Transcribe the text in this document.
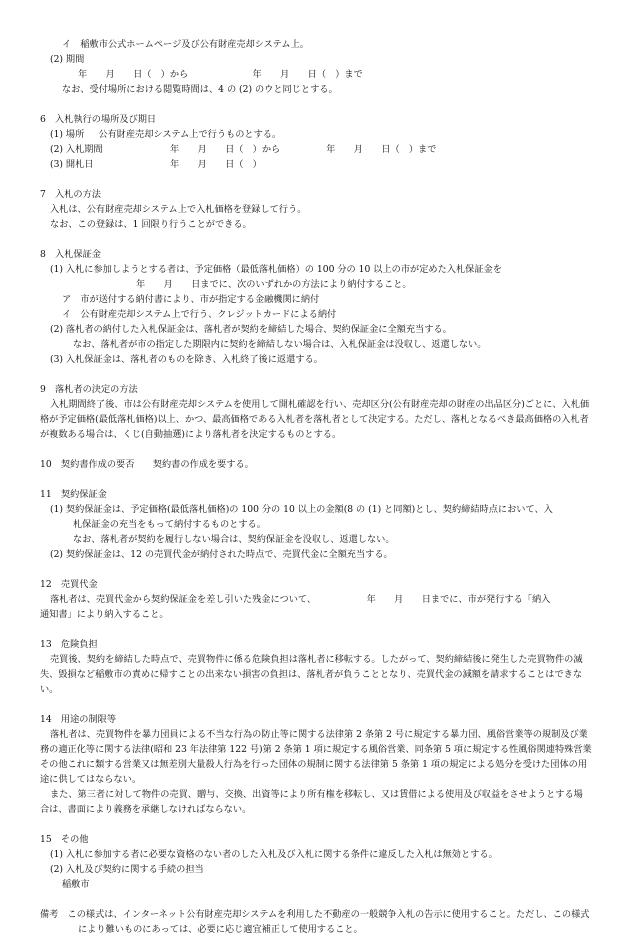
イ　稲敷市公式ホームページ及び公有財産売却システム上。
(2) 期間
年　　月　　日（　）から　　　　　　　年　　月　　日（　）まで
なお、受付場所における閲覧時間は、4 の (2) のウと同じとする。
6　入札執行の場所及び期日
(1) 場所 公有財産売却システム上で行うものとする。
(2) 入札期間	年　　月　　日（　）から　　　　　年　　月　　日（　）まで
(3) 開札日	年　　月　　日（　）
7　入札の方法
入札は、公有財産売却システム上で入札価格を登録して行う。
なお、この登録は、1 回限り行うことができる。
8　入札保証金
(1) 入札に参加しようとする者は、予定価格（最低落札価格）の 100 分の 10 以上の市が定めた入札保証金を
年　　月　　日までに、次のいずれかの方法により納付すること。
ア　市が送付する納付書により、市が指定する金融機関に納付
イ　公有財産売却システム上で行う、クレジットカードによる納付
(2) 落札者の納付した入札保証金は、落札者が契約を締結した場合、契約保証金に全額充当する。
なお、落札者が市の指定した期限内に契約を締結しない場合は、入札保証金は没収し、返還しない。
(3) 入札保証金は、落札者のものを除き、入札終了後に返還する。
9　落札者の決定の方法
入札期間終了後、市は公有財産売却システムを使用して開札確認を行い、売却区分(公有財産売却の財産の出品区分)ごとに、入札価格が予定価格(最低落札価格)以上、かつ、最高価格である入札者を落札者として決定する。ただし、落札となるべき最高価格の入札者が複数ある場合は、くじ(自動抽選)により落札者を決定するものとする。
10　契約書作成の要否　　契約書の作成を要する。
11　契約保証金
(1) 契約保証金は、予定価格(最低落札価格)の 100 分の 10 以上の金額(8 の (1) と同額)とし、契約締結時点において、入
札保証金の充当をもって納付するものとする。
なお、落札者が契約を履行しない場合は、契約保証金を没収し、返還しない。
(2) 契約保証金は、12 の売買代金が納付された時点で、売買代金に全額充当する。
12　売買代金
落札者は、売買代金から契約保証金を差し引いた残金について、　　　　　　年　　月　　日までに、市が発行する「納入
通知書」により納入すること。
13　危険負担
売買後、契約を締結した時点で、売買物件に係る危険負担は落札者に移転する。したがって、契約締結後に発生した売買物件の滅失、毀損など稲敷市の責めに帰すことの出来ない損害の負担は、落札者が負うこととなり、売買代金の減額を請求することはできない。
14　用途の制限等
落札者は、売買物件を暴力団員による不当な行為の防止等に関する法律第 2 条第 2 号に規定する暴力団、風俗営業等の規制及び業務の適正化等に関する法律(昭和 23 年法律第 122 号)第 2 条第 1 項に規定する風俗営業、同条第 5 項に規定する性風俗関連特殊営業その他これに類する営業又は無差別大量殺人行為を行った団体の規制に関する法律第 5 条第 1 項の規定による処分を受けた団体の用途に供してはならない。
また、第三者に対して物件の売買、贈与、交換、出資等により所有権を移転し、又は賃借による使用及び収益をさせようとする場合は、書面により義務を承継しなければならない。
15　その他
(1) 入札に参加する者に必要な資格のない者のした入札及び入札に関する条件に違反した入札は無効とする。
(2) 入札及び契約に関する手続の担当
稲敷市
備考　この様式は、インターネット公有財産売却システムを利用した不動産の一般競争入札の告示に使用すること。ただし、この様式により難いものにあっては、必要に応じ適宜補正して使用すること。
